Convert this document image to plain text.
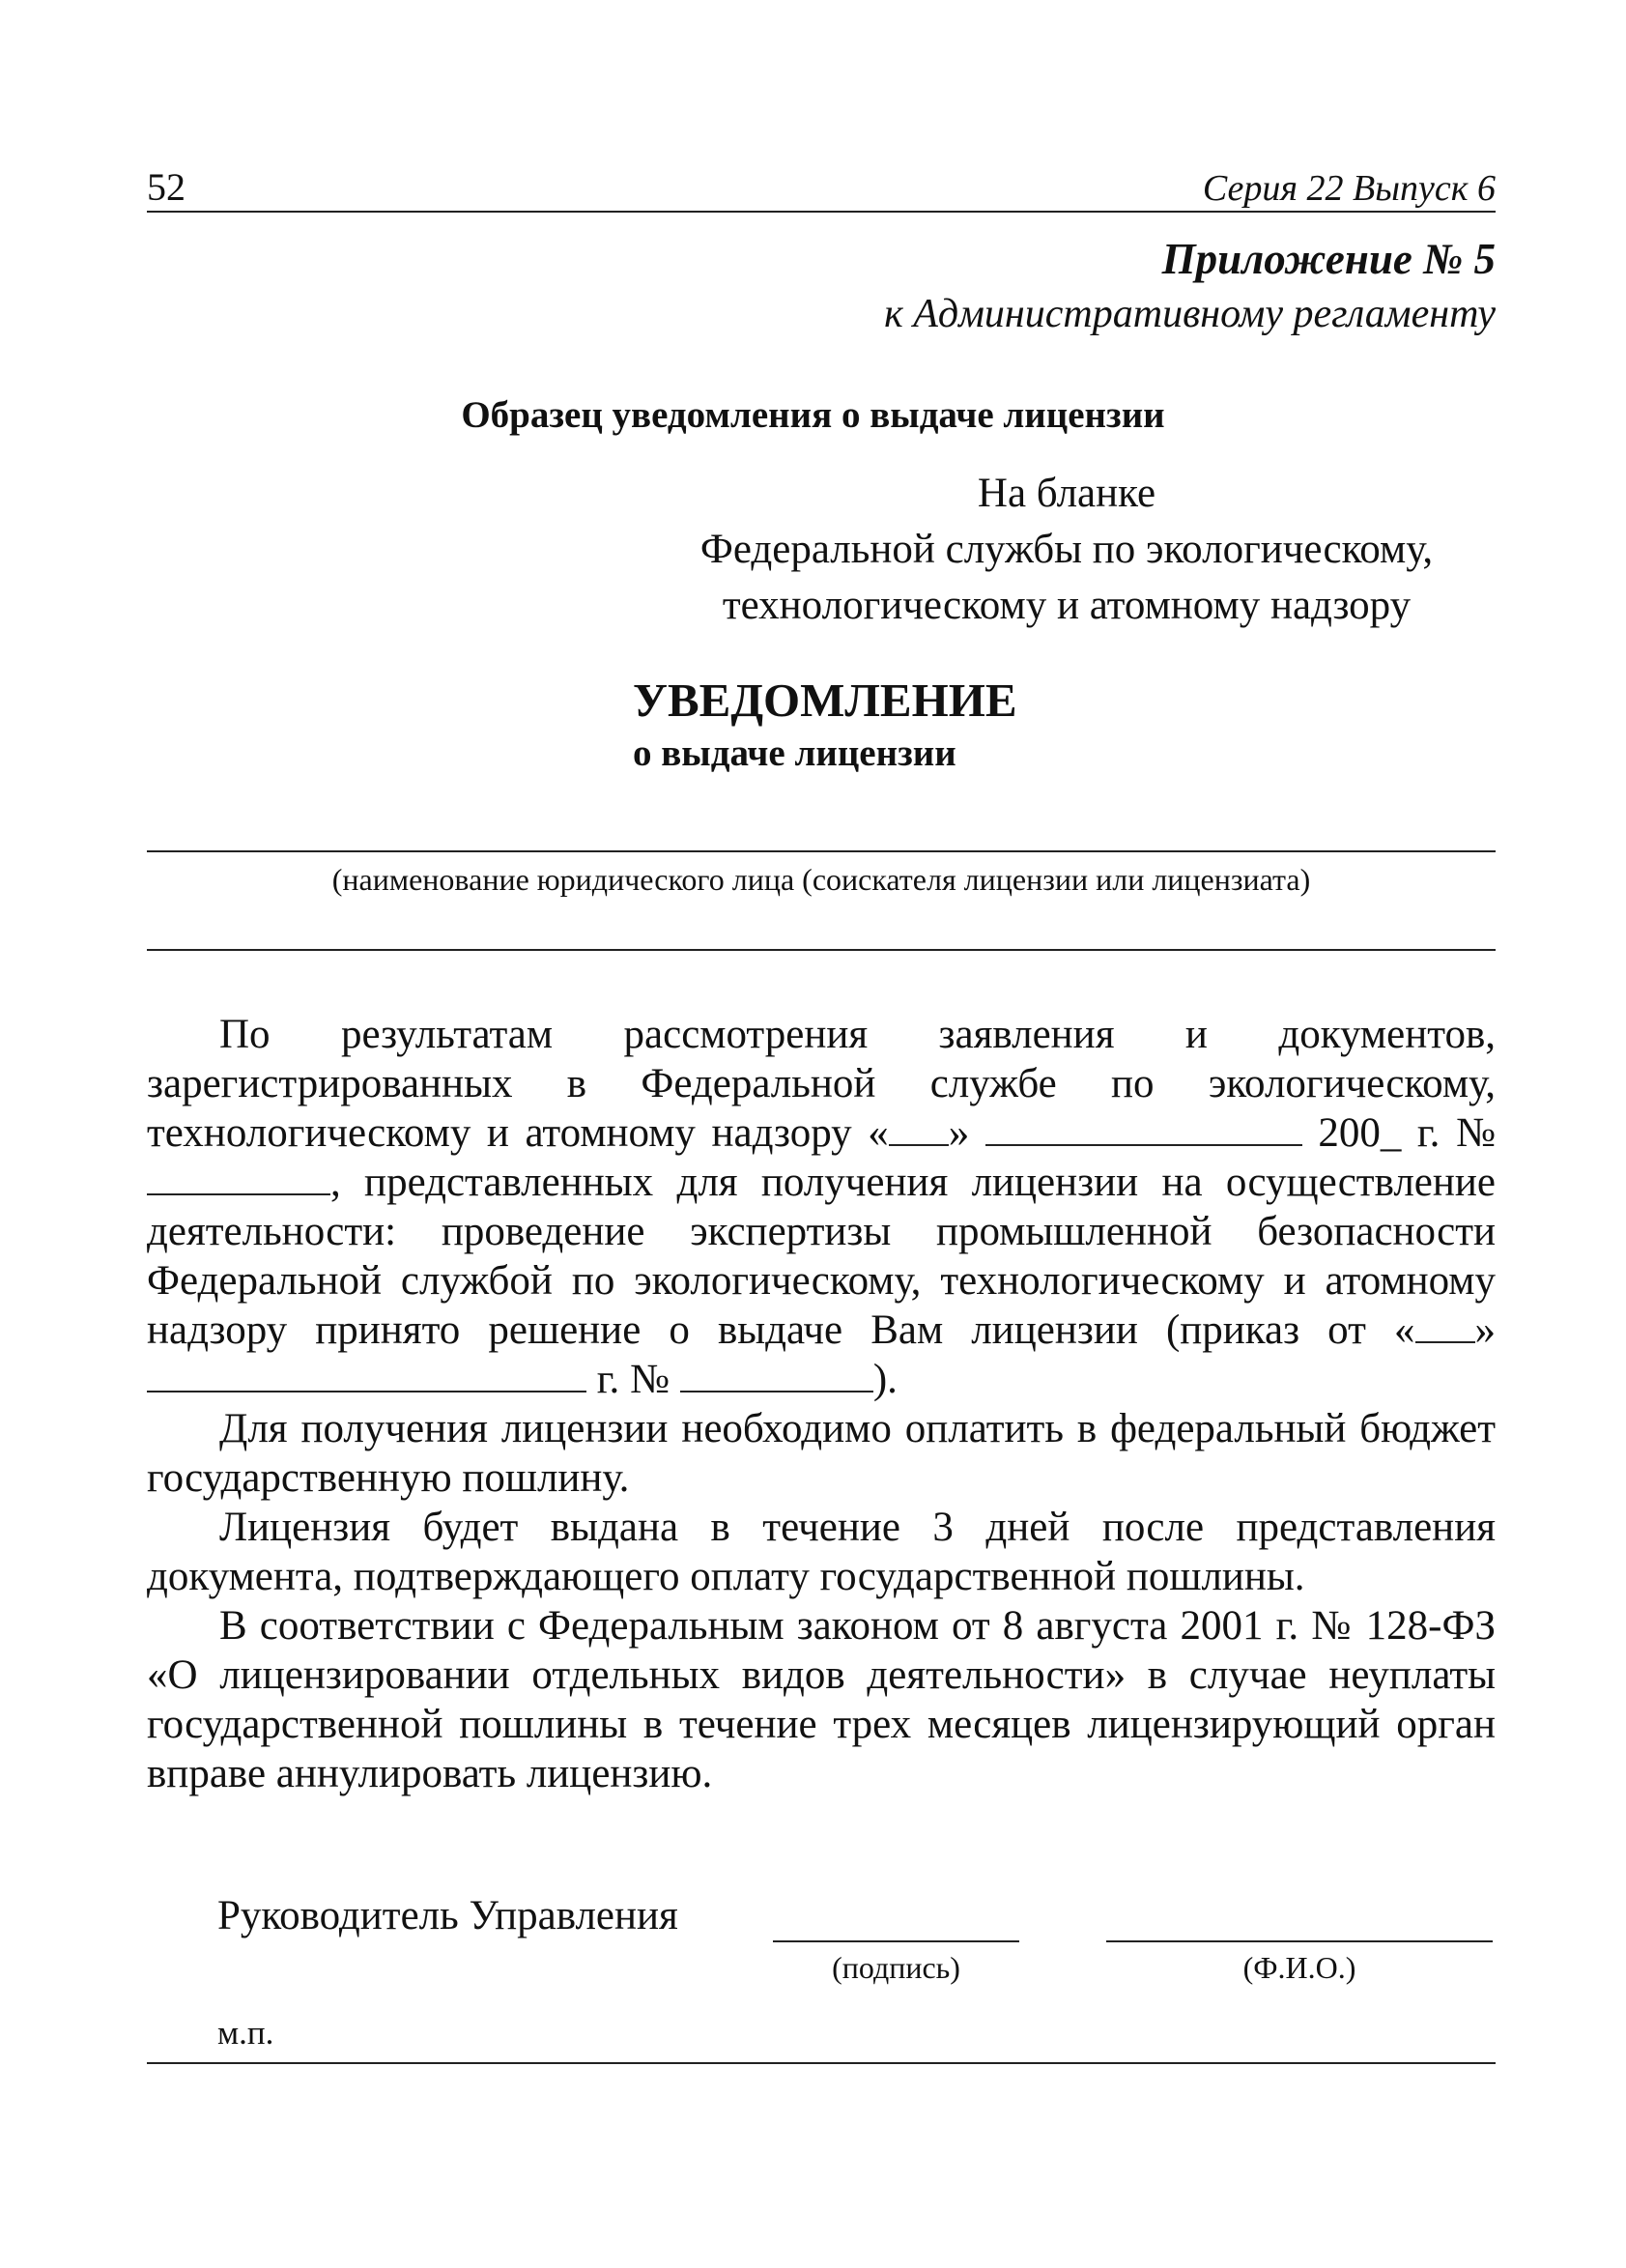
52	Серия 22 Выпуск 6
Приложение № 5
к Административному регламенту
Образец уведомления о выдаче лицензии
На бланке
Федеральной службы по экологическому,
технологическому и атомному надзору
УВЕДОМЛЕНИЕ
о выдаче лицензии
(наименование юридического лица (соискателя лицензии или лицензиата)

По результатам рассмотрения заявления и документов, зарегистрированных в Федеральной службе по экологическому, технологическому и атомному надзору « »	200_ г. № , представленных для получения лицензии на осуществление деятельности: проведение экспертизы промышленной безопасности Федеральной службой по экологическому, технологическому и атомному надзору принято решение о выдаче Вам лицензии (приказ от « »  г. №	).

Для получения лицензии необходимо оплатить в федеральный бюджет государственную пошлину.

Лицензия будет выдана в течение 3 дней после представления документа, подтверждающего оплату государственной пошлины.

В соответствии с Федеральным законом от 8 августа 2001 г. № 128-ФЗ «О лицензировании отдельных видов деятельности» в случае неуплаты государственной пошлины в течение трех месяцев лицензирующий орган вправе аннулировать лицензию.

Руководитель Управления
(подпись)	(Ф.И.О.)
м.п.
